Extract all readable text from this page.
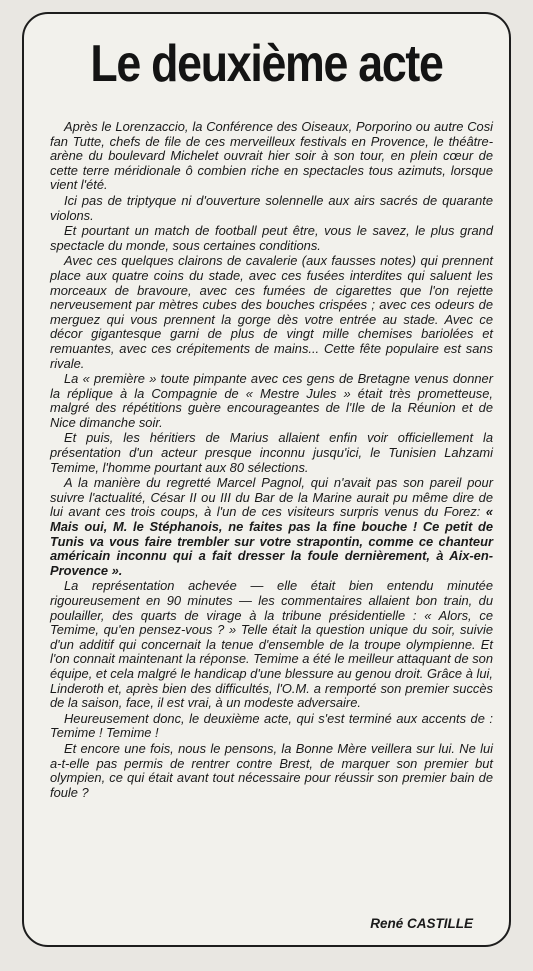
Le deuxième acte

Après le Lorenzaccio, la Conférence des Oiseaux, Porporino ou autre Cosi fan Tutte, chefs de file de ces merveilleux festivals en Provence, le théâtre-arène du boulevard Michelet ouvrait hier soir à son tour, en plein cœur de cette terre méridionale ô combien riche en spectacles tous azimuts, lorsque vient l'été.

Ici pas de triptyque ni d'ouverture solennelle aux airs sacrés de quarante violons.

Et pourtant un match de football peut être, vous le savez, le plus grand spectacle du monde, sous certaines conditions.

Avec ces quelques clairons de cavalerie (aux fausses notes) qui prennent place aux quatre coins du stade, avec ces fusées interdites qui saluent les morceaux de bravoure, avec ces fumées de cigarettes que l'on rejette nerveusement par mètres cubes des bouches crispées ; avec ces odeurs de merguez qui vous prennent la gorge dès votre entrée au stade. Avec ce décor gigantesque garni de plus de vingt mille chemises bariolées et remuantes, avec ces crépitements de mains... Cette fête populaire est sans rivale.

La « première » toute pimpante avec ces gens de Bretagne venus donner la réplique à la Compagnie de « Mestre Jules » était très prometteuse, malgré des répétitions guère encourageantes de l'Ile de la Réunion et de Nice dimanche soir.

Et puis, les héritiers de Marius allaient enfin voir officiellement la présentation d'un acteur presque inconnu jusqu'ici, le Tunisien Lahzami Temime, l'homme pourtant aux 80 sélections.

A la manière du regretté Marcel Pagnol, qui n'avait pas son pareil pour suivre l'actualité, César II ou III du Bar de la Marine aurait pu même dire de lui avant ces trois coups, à l'un de ces visiteurs surpris venus du Forez: « Mais oui, M. le Stéphanois, ne faites pas la fine bouche ! Ce petit de Tunis va vous faire trembler sur votre strapontin, comme ce chanteur américain inconnu qui a fait dresser la foule dernièrement, à Aix-en-Provence ».

La représentation achevée — elle était bien entendu minutée rigoureusement en 90 minutes — les commentaires allaient bon train, du poulailler, des quarts de virage à la tribune présidentielle : « Alors, ce Temime, qu'en pensez-vous ? » Telle était la question unique du soir, suivie d'un additif qui concernait la tenue d'ensemble de la troupe olympienne. Et l'on connait maintenant la réponse. Temime a été le meilleur attaquant de son équipe, et cela malgré le handicap d'une blessure au genou droit. Grâce à lui, Linderoth et, après bien des difficultés, l'O.M. a remporté son premier succès de la saison, face, il est vrai, à un modeste adversaire.

Heureusement donc, le deuxième acte, qui s'est terminé aux accents de : Temime ! Temime !

Et encore une fois, nous le pensons, la Bonne Mère veillera sur lui. Ne lui a-t-elle pas permis de rentrer contre Brest, de marquer son premier but olympien, ce qui était avant tout nécessaire pour réussir son premier bain de foule ?

René CASTILLE
